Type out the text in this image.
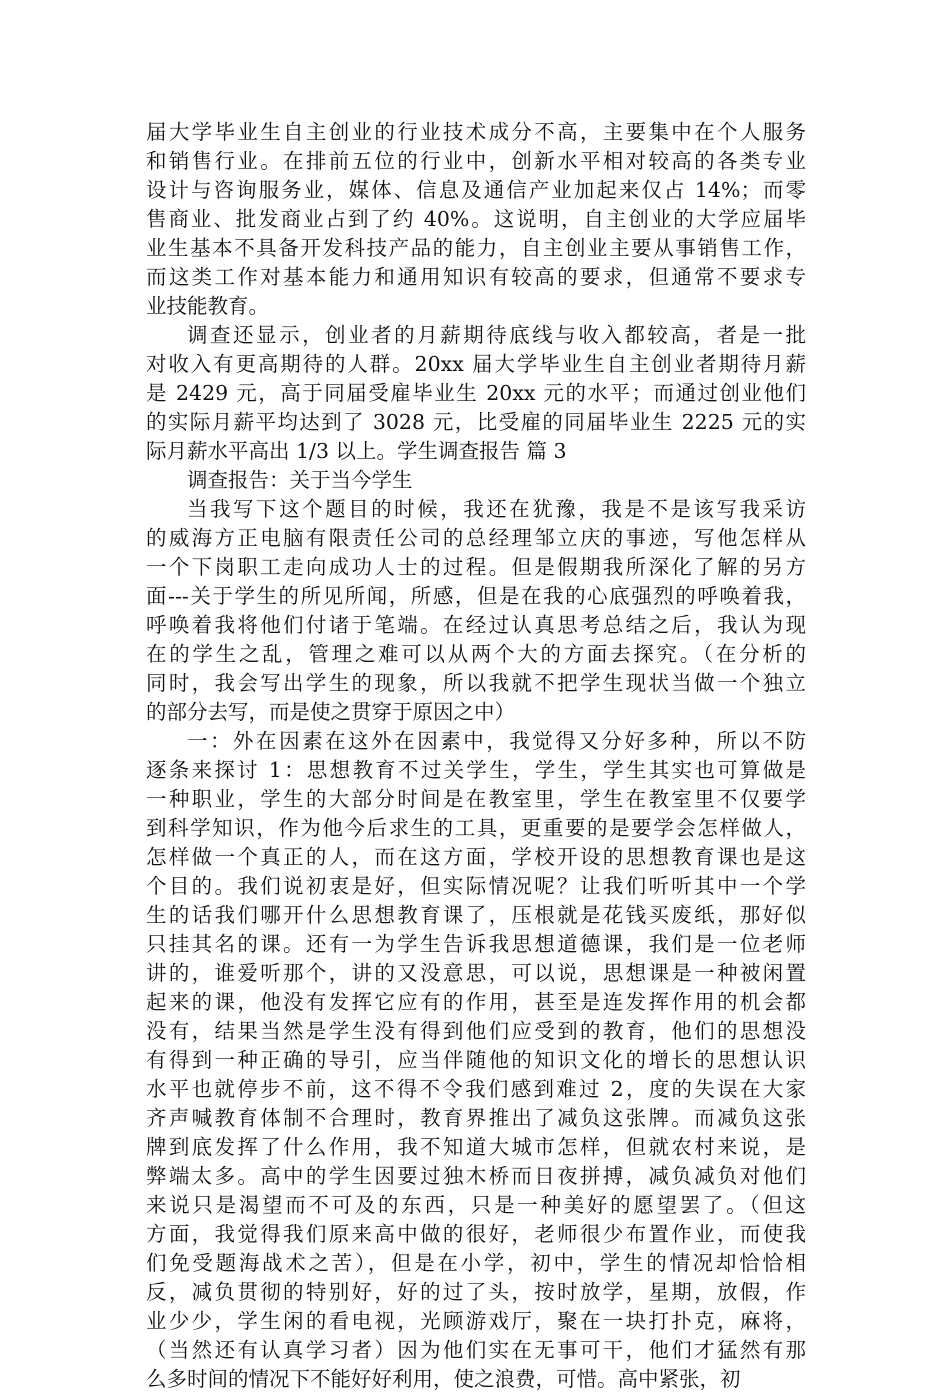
届大学毕业生自主创业的行业技术成分不高，主要集中在个人服务
和销售行业。在排前五位的行业中，创新水平相对较高的各类专业
设计与咨询服务业，媒体、信息及通信产业加起来仅占 14%；而零
售商业、批发商业占到了约 40%。这说明，自主创业的大学应届毕
业生基本不具备开发科技产品的能力，自主创业主要从事销售工作，
而这类工作对基本能力和通用知识有较高的要求，但通常不要求专
业技能教育。
调查还显示，创业者的月薪期待底线与收入都较高，者是一批
对收入有更高期待的人群。20xx 届大学毕业生自主创业者期待月薪
是 2429 元，高于同届受雇毕业生 20xx 元的水平；而通过创业他们
的实际月薪平均达到了 3028 元，比受雇的同届毕业生 2225 元的实
际月薪水平高出 1/3 以上。学生调查报告 篇 3
调查报告：关于当今学生
当我写下这个题目的时候，我还在犹豫，我是不是该写我采访
的威海方正电脑有限责任公司的总经理邹立庆的事迹，写他怎样从
一个下岗职工走向成功人士的过程。但是假期我所深化了解的另方
面---关于学生的所见所闻，所感，但是在我的心底强烈的呼唤着我，
呼唤着我将他们付诸于笔端。在经过认真思考总结之后，我认为现
在的学生之乱，管理之难可以从两个大的方面去探究。（在分析的
同时，我会写出学生的现象，所以我就不把学生现状当做一个独立
的部分去写，而是使之贯穿于原因之中）
一：外在因素在这外在因素中，我觉得又分好多种，所以不防
逐条来探讨 1：思想教育不过关学生，学生，学生其实也可算做是
一种职业，学生的大部分时间是在教室里，学生在教室里不仅要学
到科学知识，作为他今后求生的工具，更重要的是要学会怎样做人，
怎样做一个真正的人，而在这方面，学校开设的思想教育课也是这
个目的。我们说初衷是好，但实际情况呢？让我们听听其中一个学
生的话我们哪开什么思想教育课了，压根就是花钱买废纸，那好似
只挂其名的课。还有一为学生告诉我思想道德课，我们是一位老师
讲的，谁爱听那个，讲的又没意思，可以说，思想课是一种被闲置
起来的课，他没有发挥它应有的作用，甚至是连发挥作用的机会都
没有，结果当然是学生没有得到他们应受到的教育，他们的思想没
有得到一种正确的导引，应当伴随他的知识文化的增长的思想认识
水平也就停步不前，这不得不令我们感到难过 2，度的失误在大家
齐声喊教育体制不合理时，教育界推出了减负这张牌。而减负这张
牌到底发挥了什么作用，我不知道大城市怎样，但就农村来说，是
弊端太多。高中的学生因要过独木桥而日夜拼搏，减负减负对他们
来说只是渴望而不可及的东西，只是一种美好的愿望罢了。（但这
方面，我觉得我们原来高中做的很好，老师很少布置作业，而使我
们免受题海战术之苦），但是在小学，初中，学生的情况却恰恰相
反，减负贯彻的特别好，好的过了头，按时放学，星期，放假，作
业少少，学生闲的看电视，光顾游戏厅，聚在一块打扑克，麻将，
（当然还有认真学习者）因为他们实在无事可干，他们才猛然有那
么多时间的情况下不能好好利用，使之浪费，可惜。高中紧张，初
